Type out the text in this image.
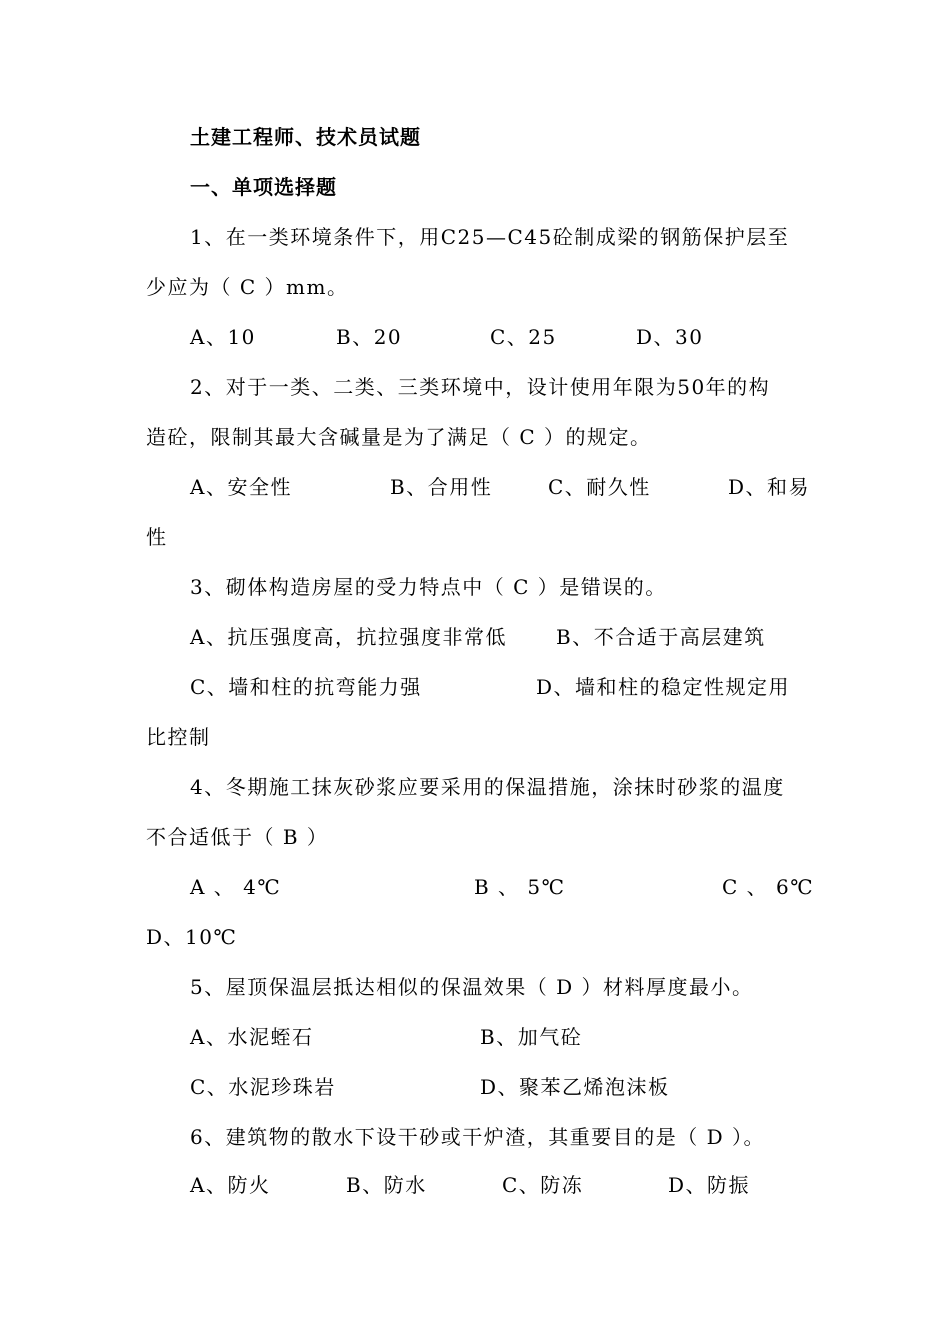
土建工程师、技术员试题
一、单项选择题
1、在一类环境条件下，用C25—C45砼制成梁的钢筋保护层至
少应为（ C ）mm。
A、10	B、20	C、25	D、30
2、对于一类、二类、三类环境中，设计使用年限为50年的构
造砼，限制其最大含碱量是为了满足（ C ）的规定。
A、安全性	B、合用性	C、耐久性	D、和易
性
3、砌体构造房屋的受力特点中（ C ）是错误的。
A、抗压强度高，抗拉强度非常低 B、不合适于高层建筑
C、墙和柱的抗弯能力强	D、墙和柱的稳定性规定用
比控制
4、冬期施工抹灰砂浆应要采用的保温措施，涂抹时砂浆的温度
不合适低于（ B ）
A 、 4℃	B 、 5℃	C 、 6℃
D、10℃
5、屋顶保温层抵达相似的保温效果（ D ）材料厚度最小。
A、水泥蛭石	B、加气砼
C、水泥珍珠岩	D、聚苯乙烯泡沫板
6、建筑物的散水下设干砂或干炉渣，其重要目的是（ D ）。
A、防火	B、防水	C、防冻	D、防振
